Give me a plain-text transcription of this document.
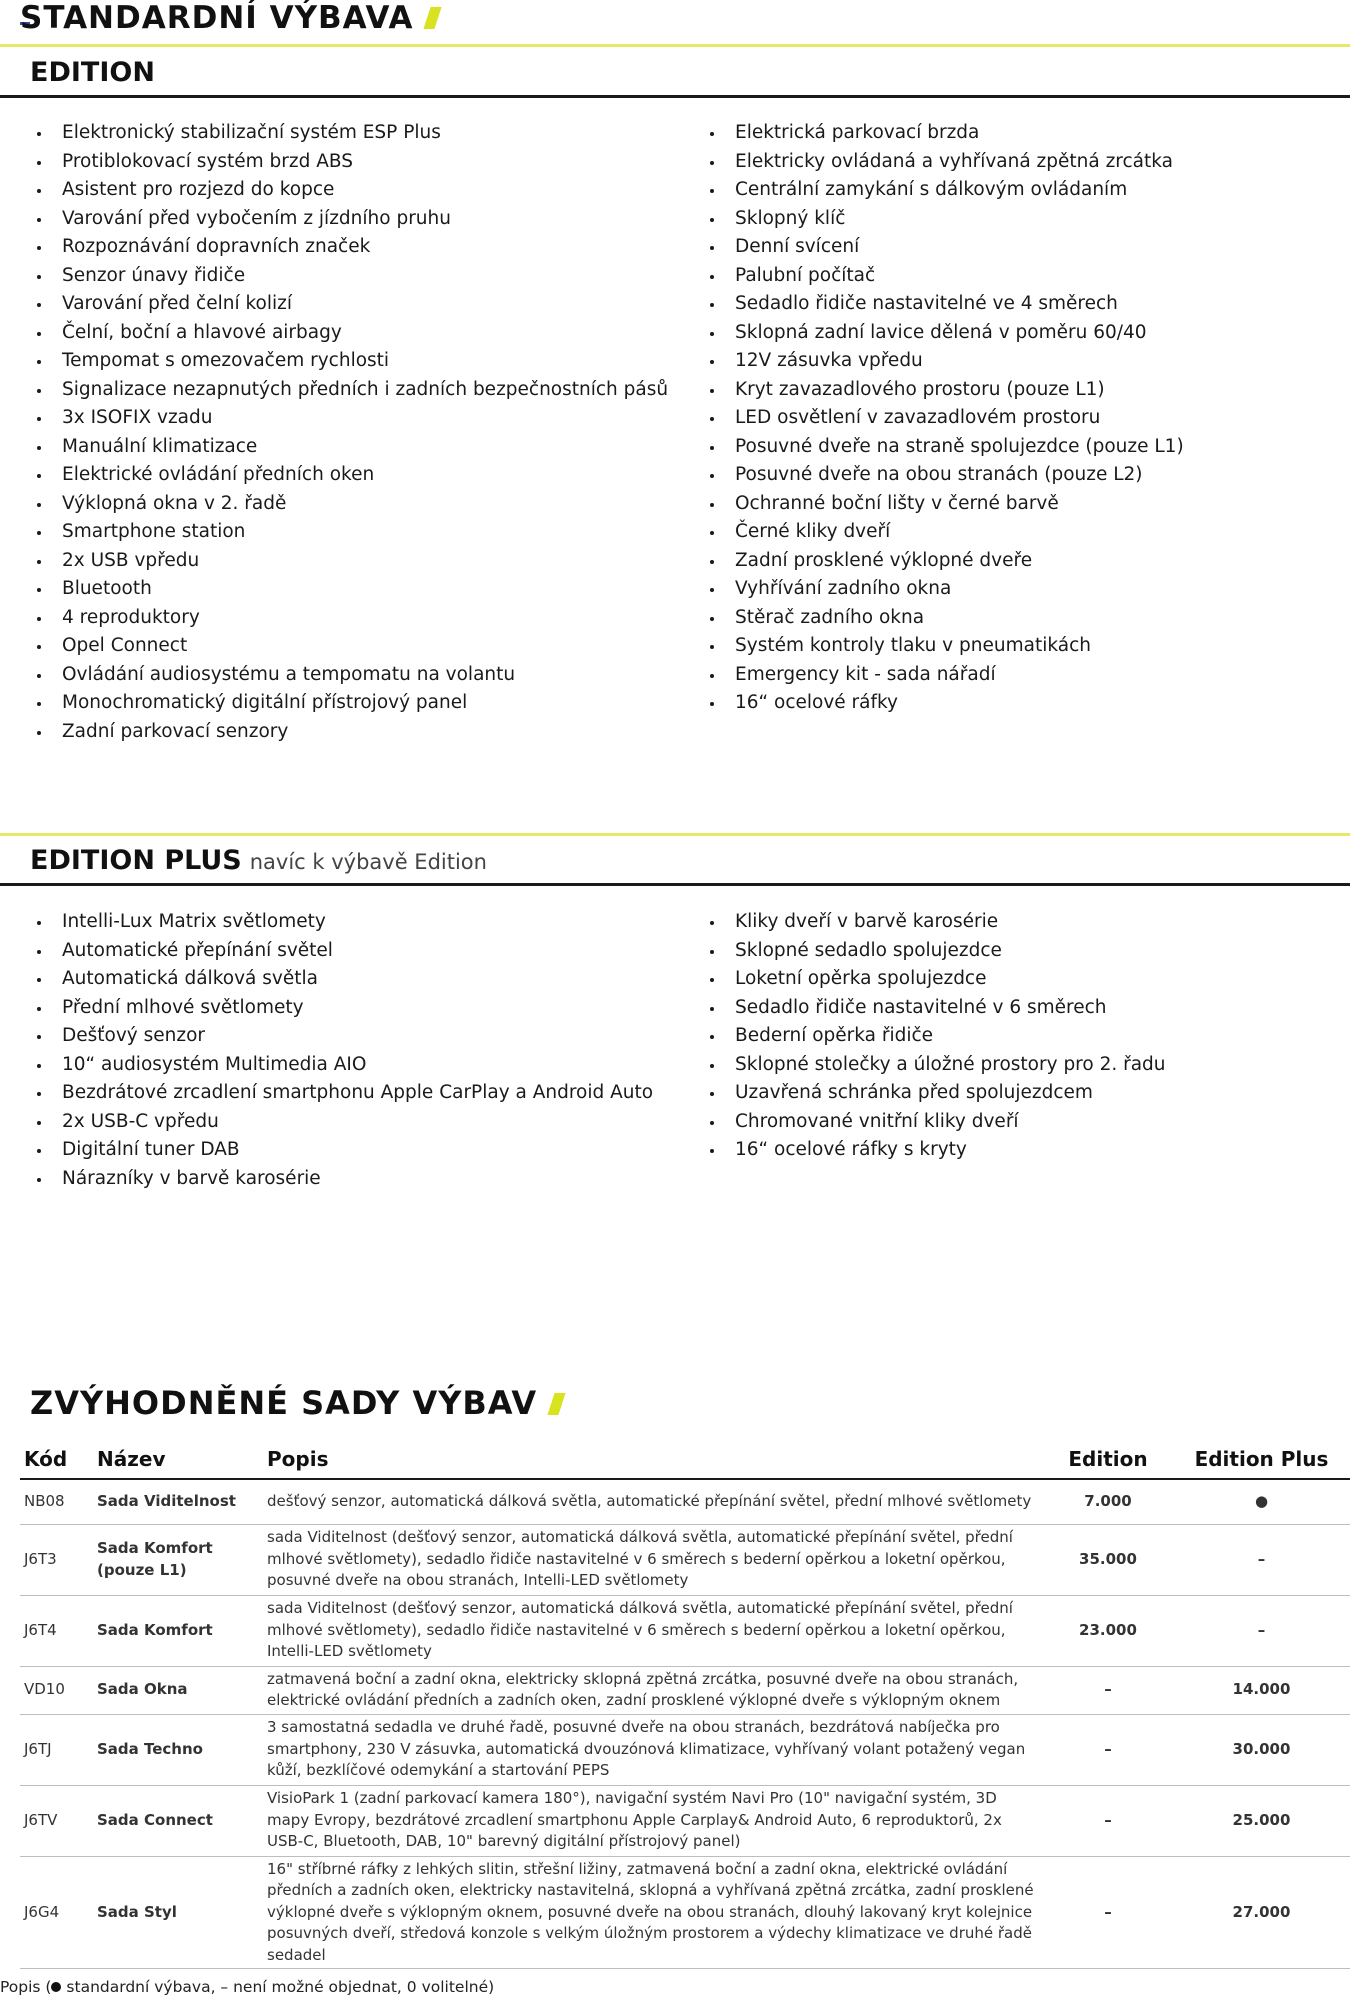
STANDARDNÍ VÝBAVA
EDITION
Elektronický stabilizační systém ESP Plus
Protiblokovací systém brzd ABS
Asistent pro rozjezd do kopce
Varování před vybočením z jízdního pruhu
Rozpoznávání dopravních značek
Senzor únavy řidiče
Varování před čelní kolizí
Čelní, boční a hlavové airbagy
Tempomat s omezovačem rychlosti
Signalizace nezapnutých předních i zadních bezpečnostních pásů
3x ISOFIX vzadu
Manuální klimatizace
Elektrické ovládání předních oken
Výklopná okna v 2. řadě
Smartphone station
2x USB vpředu
Bluetooth
4 reproduktory
Opel Connect
Ovládání audiosystému a tempomatu na volantu
Monochromatický digitální přístrojový panel
Zadní parkovací senzory
Elektrická parkovací brzda
Elektricky ovládaná a vyhřívaná zpětná zrcátka
Centrální zamykání s dálkovým ovládaním
Sklopný klíč
Denní svícení
Palubní počítač
Sedadlo řidiče nastavitelné ve 4 směrech
Sklopná zadní lavice dělená v poměru 60/40
12V zásuvka vpředu
Kryt zavazadlového prostoru (pouze L1)
LED osvětlení v zavazadlovém prostoru
Posuvné dveře na straně spolujezdce (pouze L1)
Posuvné dveře na obou stranách (pouze L2)
Ochranné boční lišty v černé barvě
Černé kliky dveří
Zadní prosklené výklopné dveře
Vyhřívání zadního okna
Stěrač zadního okna
Systém kontroly tlaku v pneumatikách
Emergency kit - sada nářadí
16“ ocelové ráfky
EDITION PLUS navíc k výbavě Edition
Intelli-Lux Matrix světlomety
Automatické přepínání světel
Automatická dálková světla
Přední mlhové světlomety
Dešťový senzor
10“ audiosystém Multimedia AIO
Bezdrátové zrcadlení smartphonu Apple CarPlay a Android Auto
2x USB-C vpředu
Digitální tuner DAB
Nárazníky v barvě karosérie
Kliky dveří v barvě karosérie
Sklopné sedadlo spolujezdce
Loketní opěrka spolujezdce
Sedadlo řidiče nastavitelné v 6 směrech
Bederní opěrka řidiče
Sklopné stolečky a úložné prostory pro 2. řadu
Uzavřená schránka před spolujezdcem
Chromované vnitřní kliky dveří
16“ ocelové ráfky s kryty
ZVÝHODNĚNÉ SADY VÝBAV
Kód	Název	Popis	Edition	Edition Plus
NB08	Sada Viditelnost	dešťový senzor, automatická dálková světla, automatické přepínání světel, přední mlhové světlomety	7.000	●
J6T3	Sada Komfort (pouze L1)	sada Viditelnost (dešťový senzor, automatická dálková světla, automatické přepínání světel, přední mlhové světlomety), sedadlo řidiče nastavitelné v 6 směrech s bederní opěrkou a loketní opěrkou, posuvné dveře na obou stranách, Intelli-LED světlomety	35.000	–
J6T4	Sada Komfort	sada Viditelnost (dešťový senzor, automatická dálková světla, automatické přepínání světel, přední mlhové světlomety), sedadlo řidiče nastavitelné v 6 směrech s bederní opěrkou a loketní opěrkou, Intelli-LED světlomety	23.000	–
VD10	Sada Okna	zatmavená boční a zadní okna, elektricky sklopná zpětná zrcátka, posuvné dveře na obou stranách, elektrické ovládání předních a zadních oken, zadní prosklené výklopné dveře s výklopným oknem	–	14.000
J6TJ	Sada Techno	3 samostatná sedadla ve druhé řadě, posuvné dveře na obou stranách, bezdrátová nabíječka pro smartphony, 230 V zásuvka, automatická dvouzónová klimatizace, vyhřívaný volant potažený vegan kůží, bezklíčové odemykání a startování PEPS	–	30.000
J6TV	Sada Connect	VisioPark 1 (zadní parkovací kamera 180°), navigační systém Navi Pro (10" navigační systém, 3D mapy Evropy, bezdrátové zrcadlení smartphonu Apple Carplay& Android Auto, 6 reproduktorů, 2x USB-C, Bluetooth, DAB, 10" barevný digitální přístrojový panel)	–	25.000
J6G4	Sada Styl	16" stříbrné ráfky z lehkých slitin, střešní ližiny, zatmavená boční a zadní okna, elektrické ovládání předních a zadních oken, elektricky nastavitelná, sklopná a vyhřívaná zpětná zrcátka, zadní prosklené výklopné dveře s výklopným oknem, posuvné dveře na obou stranách, dlouhý lakovaný kryt kolejnice posuvných dveří, středová konzole s velkým úložným prostorem a výdechy klimatizace ve druhé řadě sedadel	–	27.000
Popis ( standardní výbava, – není možné objednat, 0 volitelné)
